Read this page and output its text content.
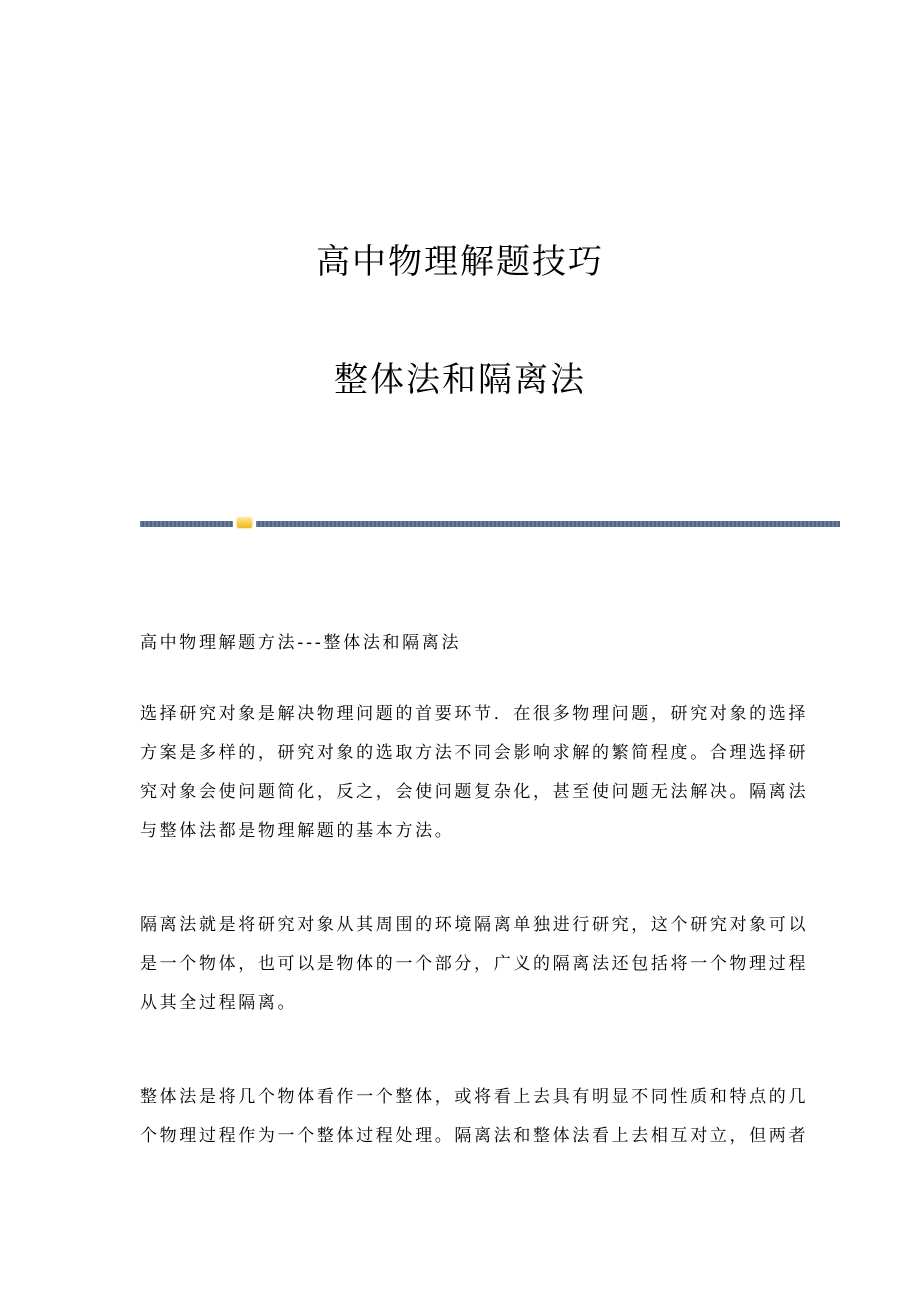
高中物理解题技巧
整体法和隔离法
高中物理解题方法---整体法和隔离法
选择研究对象是解决物理问题的首要环节．在很多物理问题，研究对象的选择
方案是多样的，研究对象的选取方法不同会影响求解的繁简程度。合理选择研
究对象会使问题简化，反之，会使问题复杂化，甚至使问题无法解决。隔离法
与整体法都是物理解题的基本方法。
隔离法就是将研究对象从其周围的环境隔离单独进行研究，这个研究对象可以
是一个物体，也可以是物体的一个部分，广义的隔离法还包括将一个物理过程
从其全过程隔离。
整体法是将几个物体看作一个整体，或将看上去具有明显不同性质和特点的几
个物理过程作为一个整体过程处理。隔离法和整体法看上去相互对立，但两者
